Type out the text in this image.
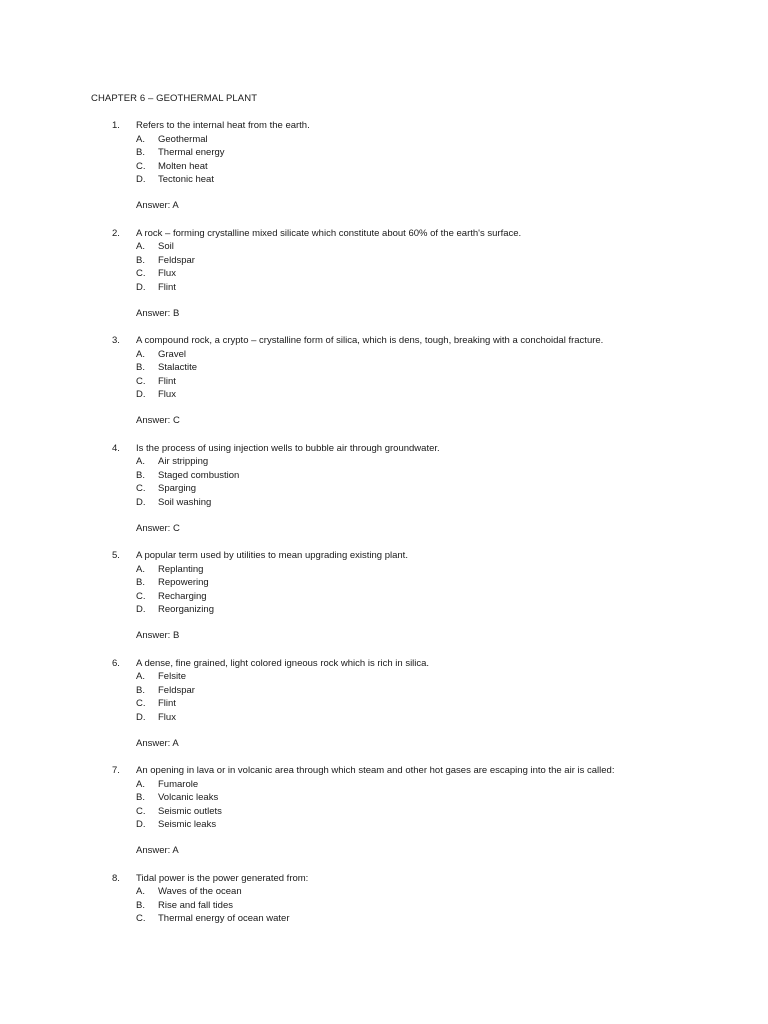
CHAPTER 6 – GEOTHERMAL PLANT
1. Refers to the internal heat from the earth.
A. Geothermal
B. Thermal energy
C. Molten heat
D. Tectonic heat
Answer: A
2. A rock – forming crystalline mixed silicate which constitute about 60% of the earth's surface.
A. Soil
B. Feldspar
C. Flux
D. Flint
Answer: B
3. A compound rock, a crypto – crystalline form of silica, which is dens, tough, breaking with a conchoidal fracture.
A. Gravel
B. Stalactite
C. Flint
D. Flux
Answer: C
4. Is the process of using injection wells to bubble air through groundwater.
A. Air stripping
B. Staged combustion
C. Sparging
D. Soil washing
Answer: C
5. A popular term used by utilities to mean upgrading existing plant.
A. Replanting
B. Repowering
C. Recharging
D. Reorganizing
Answer: B
6. A dense, fine grained, light colored igneous rock which is rich in silica.
A. Felsite
B. Feldspar
C. Flint
D. Flux
Answer: A
7. An opening in lava or in volcanic area through which steam and other hot gases are escaping into the air is called:
A. Fumarole
B. Volcanic leaks
C. Seismic outlets
D. Seismic leaks
Answer: A
8. Tidal power is the power generated from:
A. Waves of the ocean
B. Rise and fall tides
C. Thermal energy of ocean water
